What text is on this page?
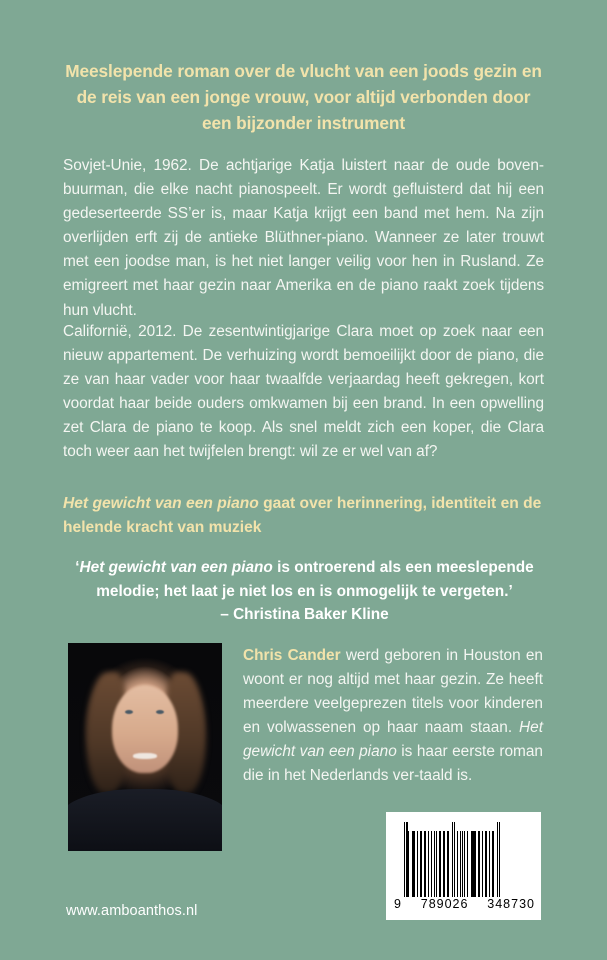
Meeslepende roman over de vlucht van een joods gezin en de reis van een jonge vrouw, voor altijd verbonden door een bijzonder instrument
Sovjet-Unie, 1962. De achtjarige Katja luistert naar de oude boven-buurman, die elke nacht pianospeelt. Er wordt gefluisterd dat hij een gedeserteerde SS’er is, maar Katja krijgt een band met hem. Na zijn overlijden erft zij de antieke Blüthner-piano. Wanneer ze later trouwt met een joodse man, is het niet langer veilig voor hen in Rusland. Ze emigreert met haar gezin naar Amerika en de piano raakt zoek tijdens hun vlucht.
Californië, 2012. De zesentwintigjarige Clara moet op zoek naar een nieuw appartement. De verhuizing wordt bemoeilijkt door de piano, die ze van haar vader voor haar twaalfde verjaardag heeft gekregen, kort voordat haar beide ouders omkwamen bij een brand. In een opwelling zet Clara de piano te koop. Als snel meldt zich een koper, die Clara toch weer aan het twijfelen brengt: wil ze er wel van af?
Het gewicht van een piano gaat over herinnering, identiteit en de helende kracht van muziek
‘Het gewicht van een piano is ontroerend als een meeslepende melodie; het laat je niet los en is onmogelijk te vergeten.’
– Christina Baker Kline
Chris Cander werd geboren in Houston en woont er nog altijd met haar gezin. Ze heeft meerdere veelgeprezen titels voor kinderen en volwassenen op haar naam staan. Het gewicht van een piano is haar eerste roman die in het Nederlands ver-taald is.
www.amboanthos.nl	9 789026 348730
